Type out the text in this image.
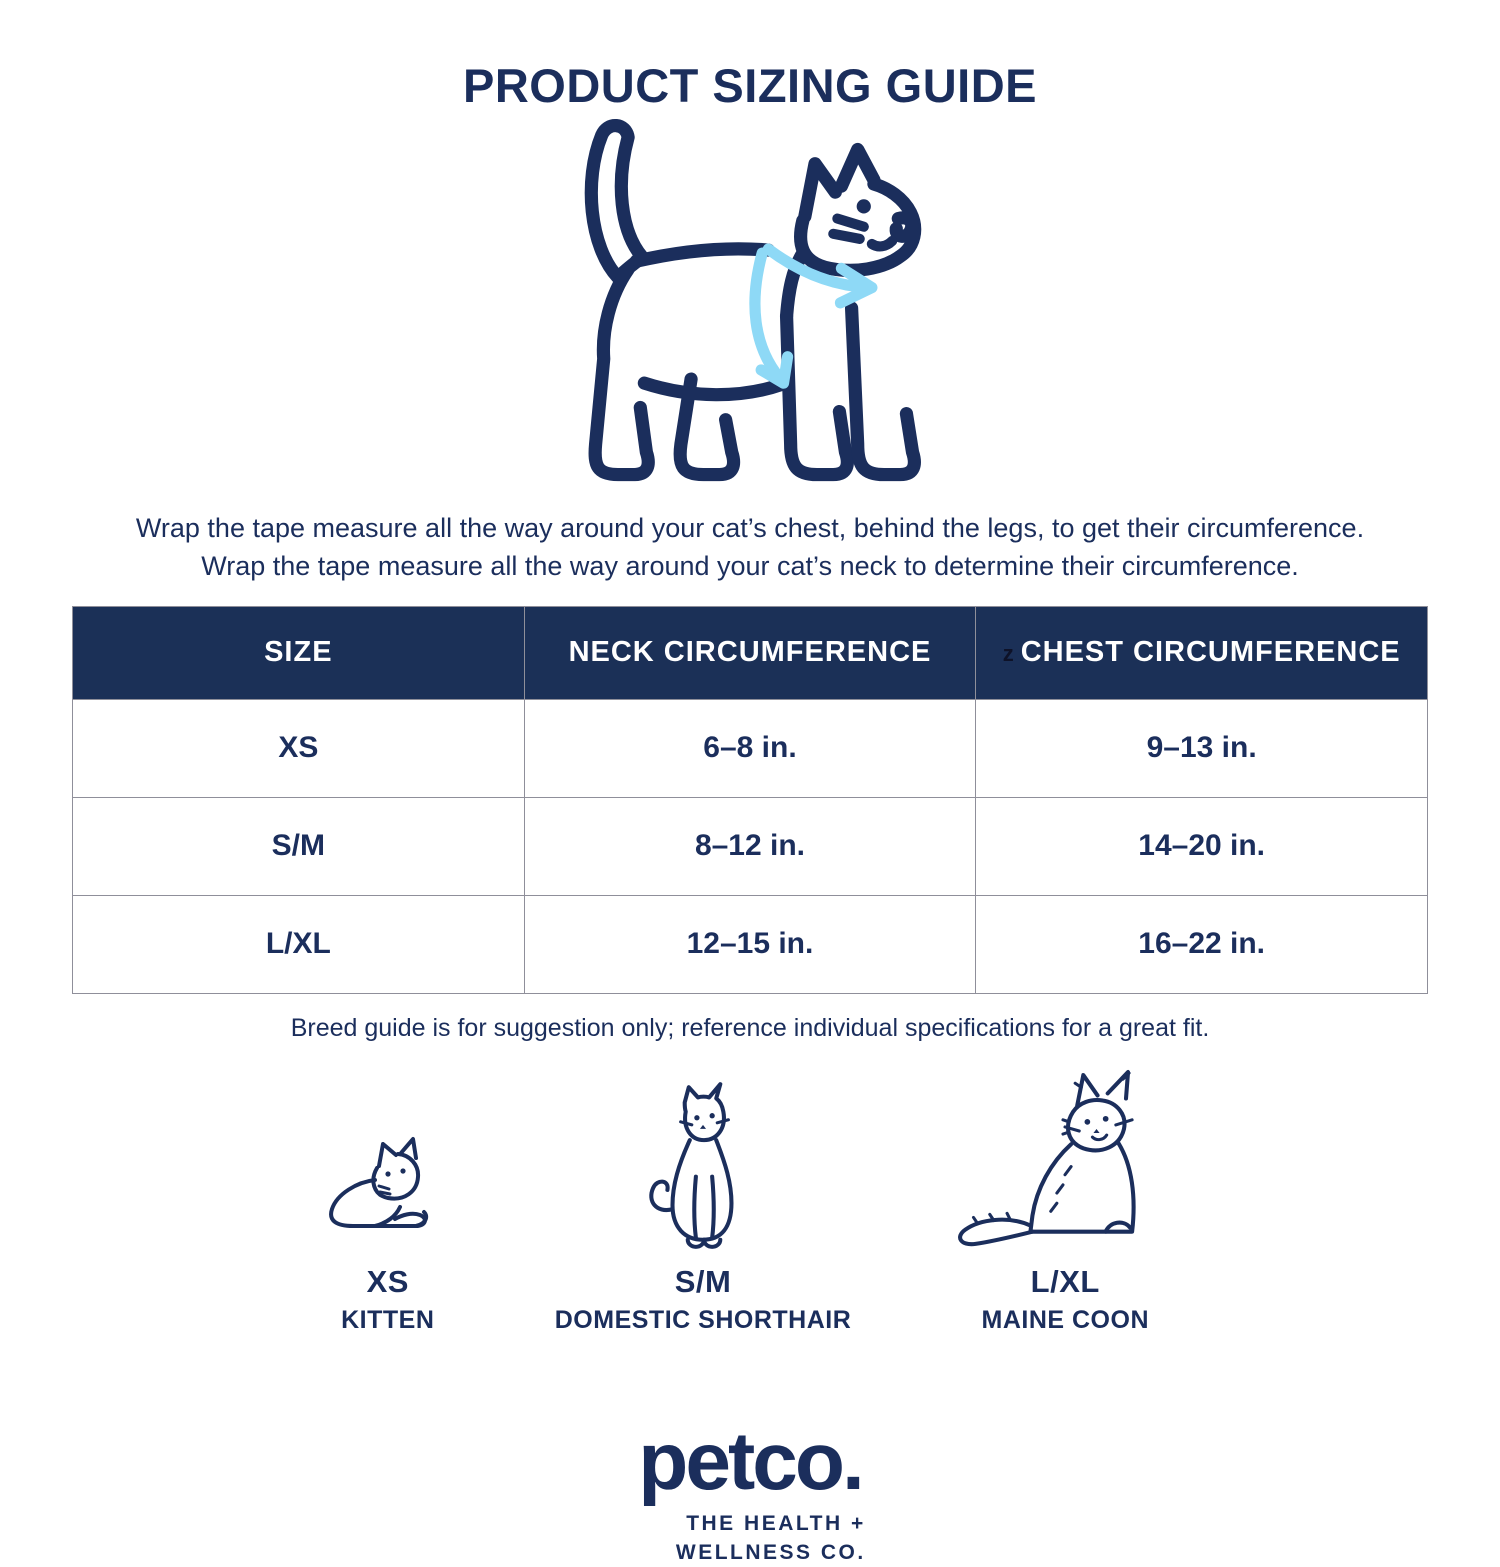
PRODUCT SIZING GUIDE
Wrap the tape measure all the way around your cat’s chest, behind the legs, to get their circumference.
Wrap the tape measure all the way around your cat’s neck to determine their circumference.
SIZE	NECK CIRCUMFERENCE	z CHEST CIRCUMFERENCE
XS	6–8 in.	9–13 in.
S/M	8–12 in.	14–20 in.
L/XL	12–15 in.	16–22 in.
Breed guide is for suggestion only; reference individual specifications for a great fit.
XS
KITTEN
S/M
DOMESTIC SHORTHAIR
L/XL
MAINE COON
petco.
THE HEALTH +
WELLNESS CO.
